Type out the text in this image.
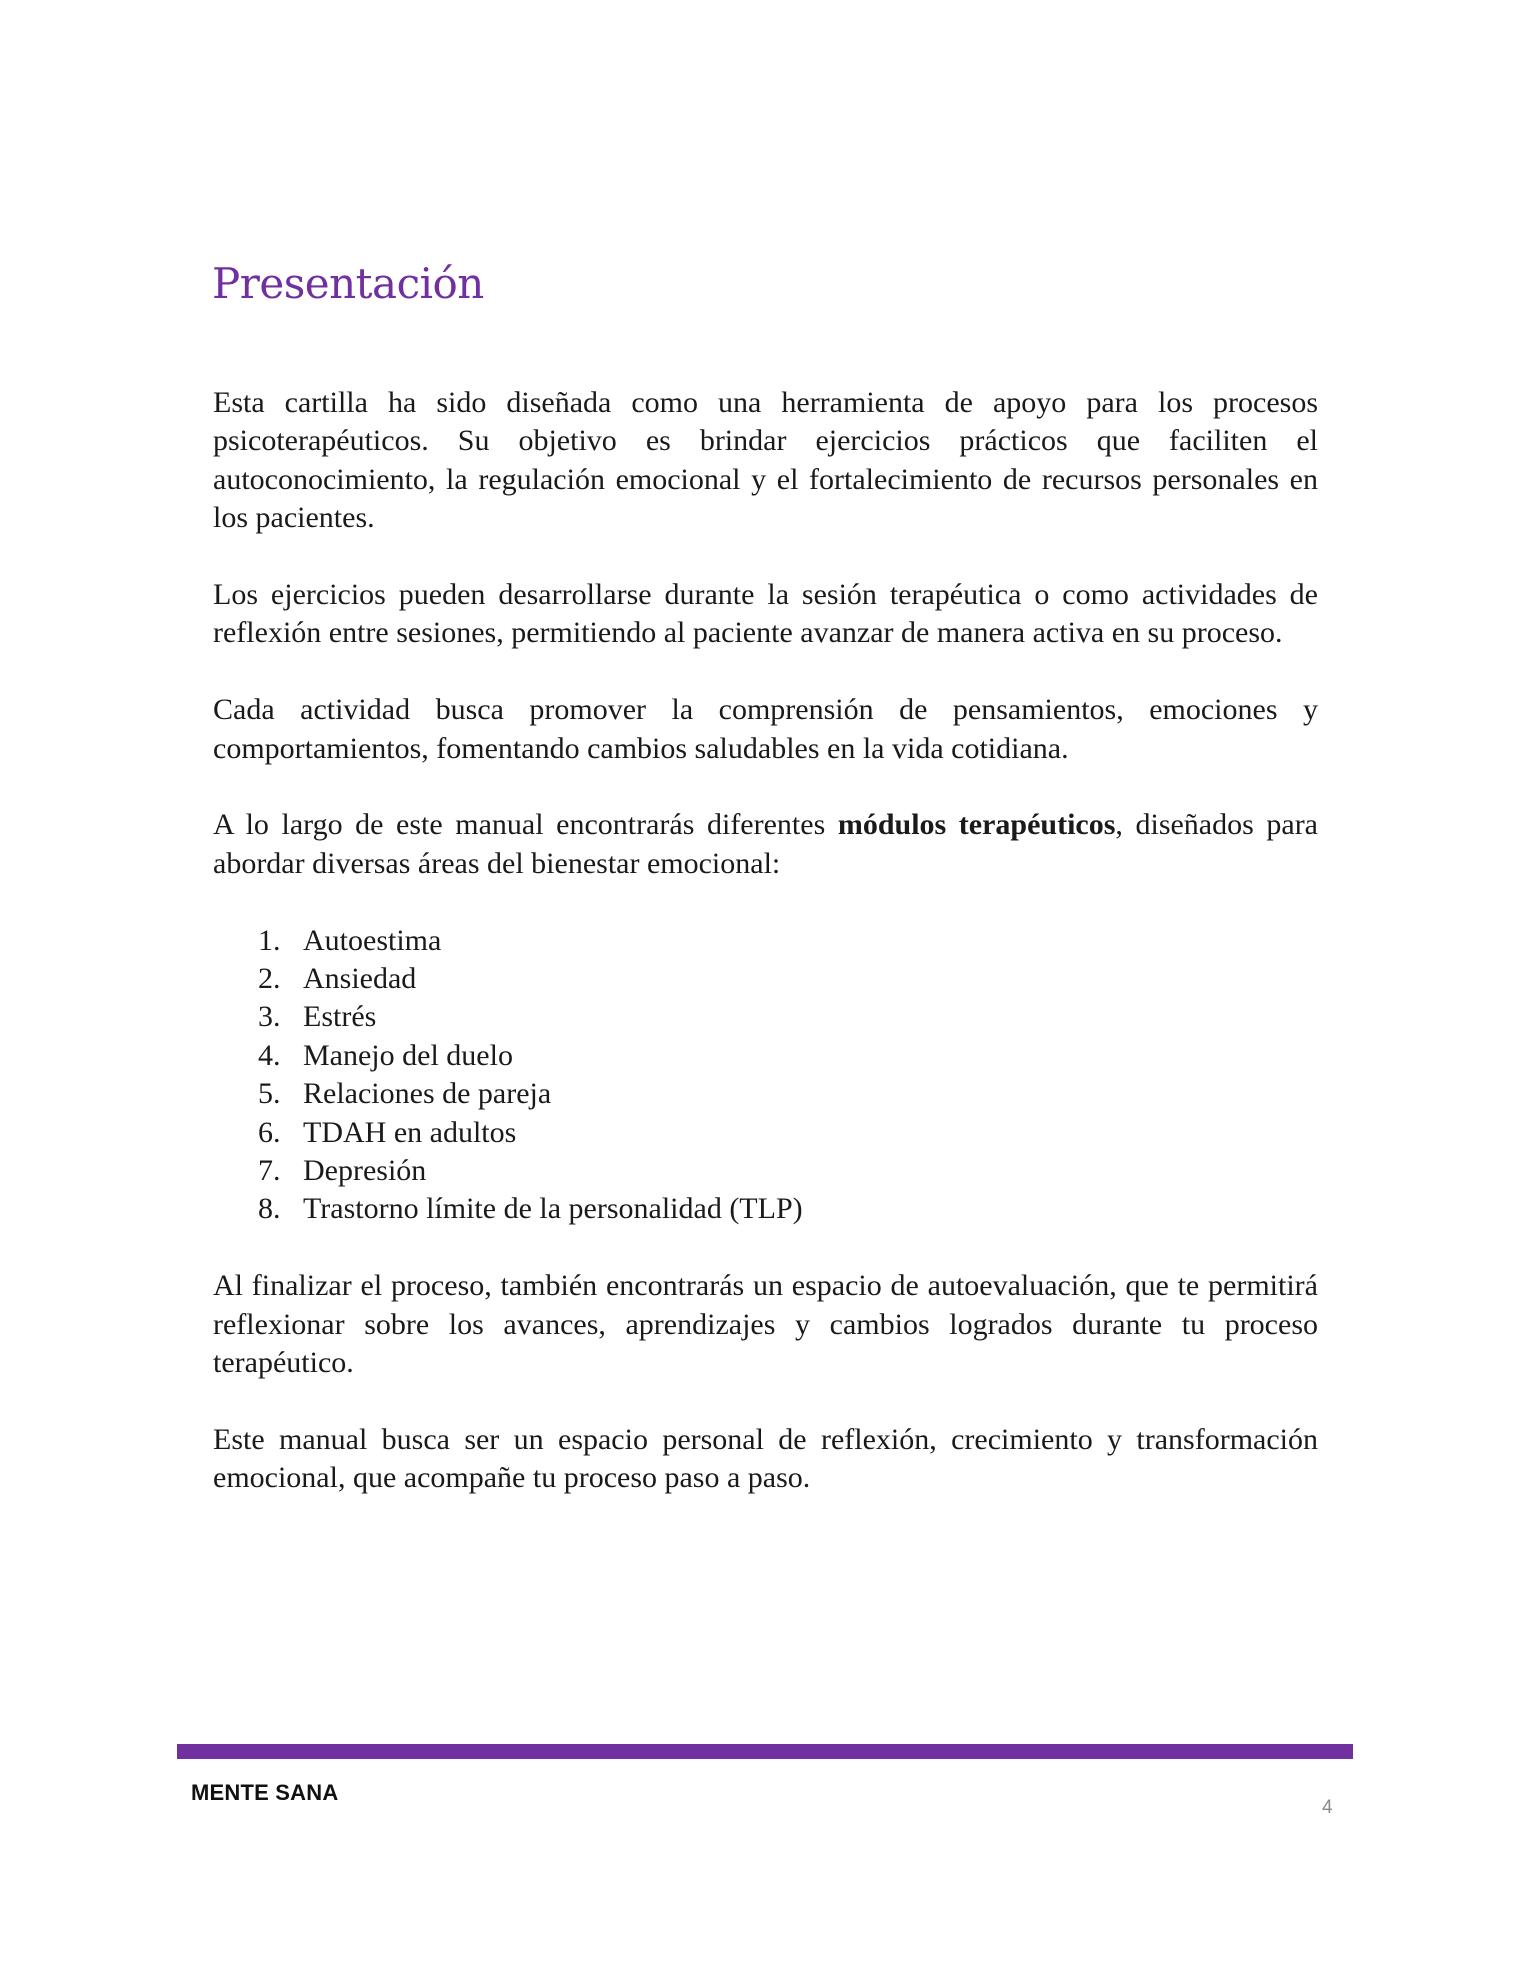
Presentación

Esta cartilla ha sido diseñada como una herramienta de apoyo para los procesos psicoterapéuticos. Su objetivo es brindar ejercicios prácticos que faciliten el autoconocimiento, la regulación emocional y el fortalecimiento de recursos personales en los pacientes.

Los ejercicios pueden desarrollarse durante la sesión terapéutica o como actividades de reflexión entre sesiones, permitiendo al paciente avanzar de manera activa en su proceso.

Cada actividad busca promover la comprensión de pensamientos, emociones y comportamientos, fomentando cambios saludables en la vida cotidiana.

A lo largo de este manual encontrarás diferentes módulos terapéuticos, diseñados para abordar diversas áreas del bienestar emocional:

1. Autoestima
2. Ansiedad
3. Estrés
4. Manejo del duelo
5. Relaciones de pareja
6. TDAH en adultos
7. Depresión
8. Trastorno límite de la personalidad (TLP)

Al finalizar el proceso, también encontrarás un espacio de autoevaluación, que te permitirá reflexionar sobre los avances, aprendizajes y cambios logrados durante tu proceso terapéutico.

Este manual busca ser un espacio personal de reflexión, crecimiento y transformación emocional, que acompañe tu proceso paso a paso.

MENTE SANA
4
